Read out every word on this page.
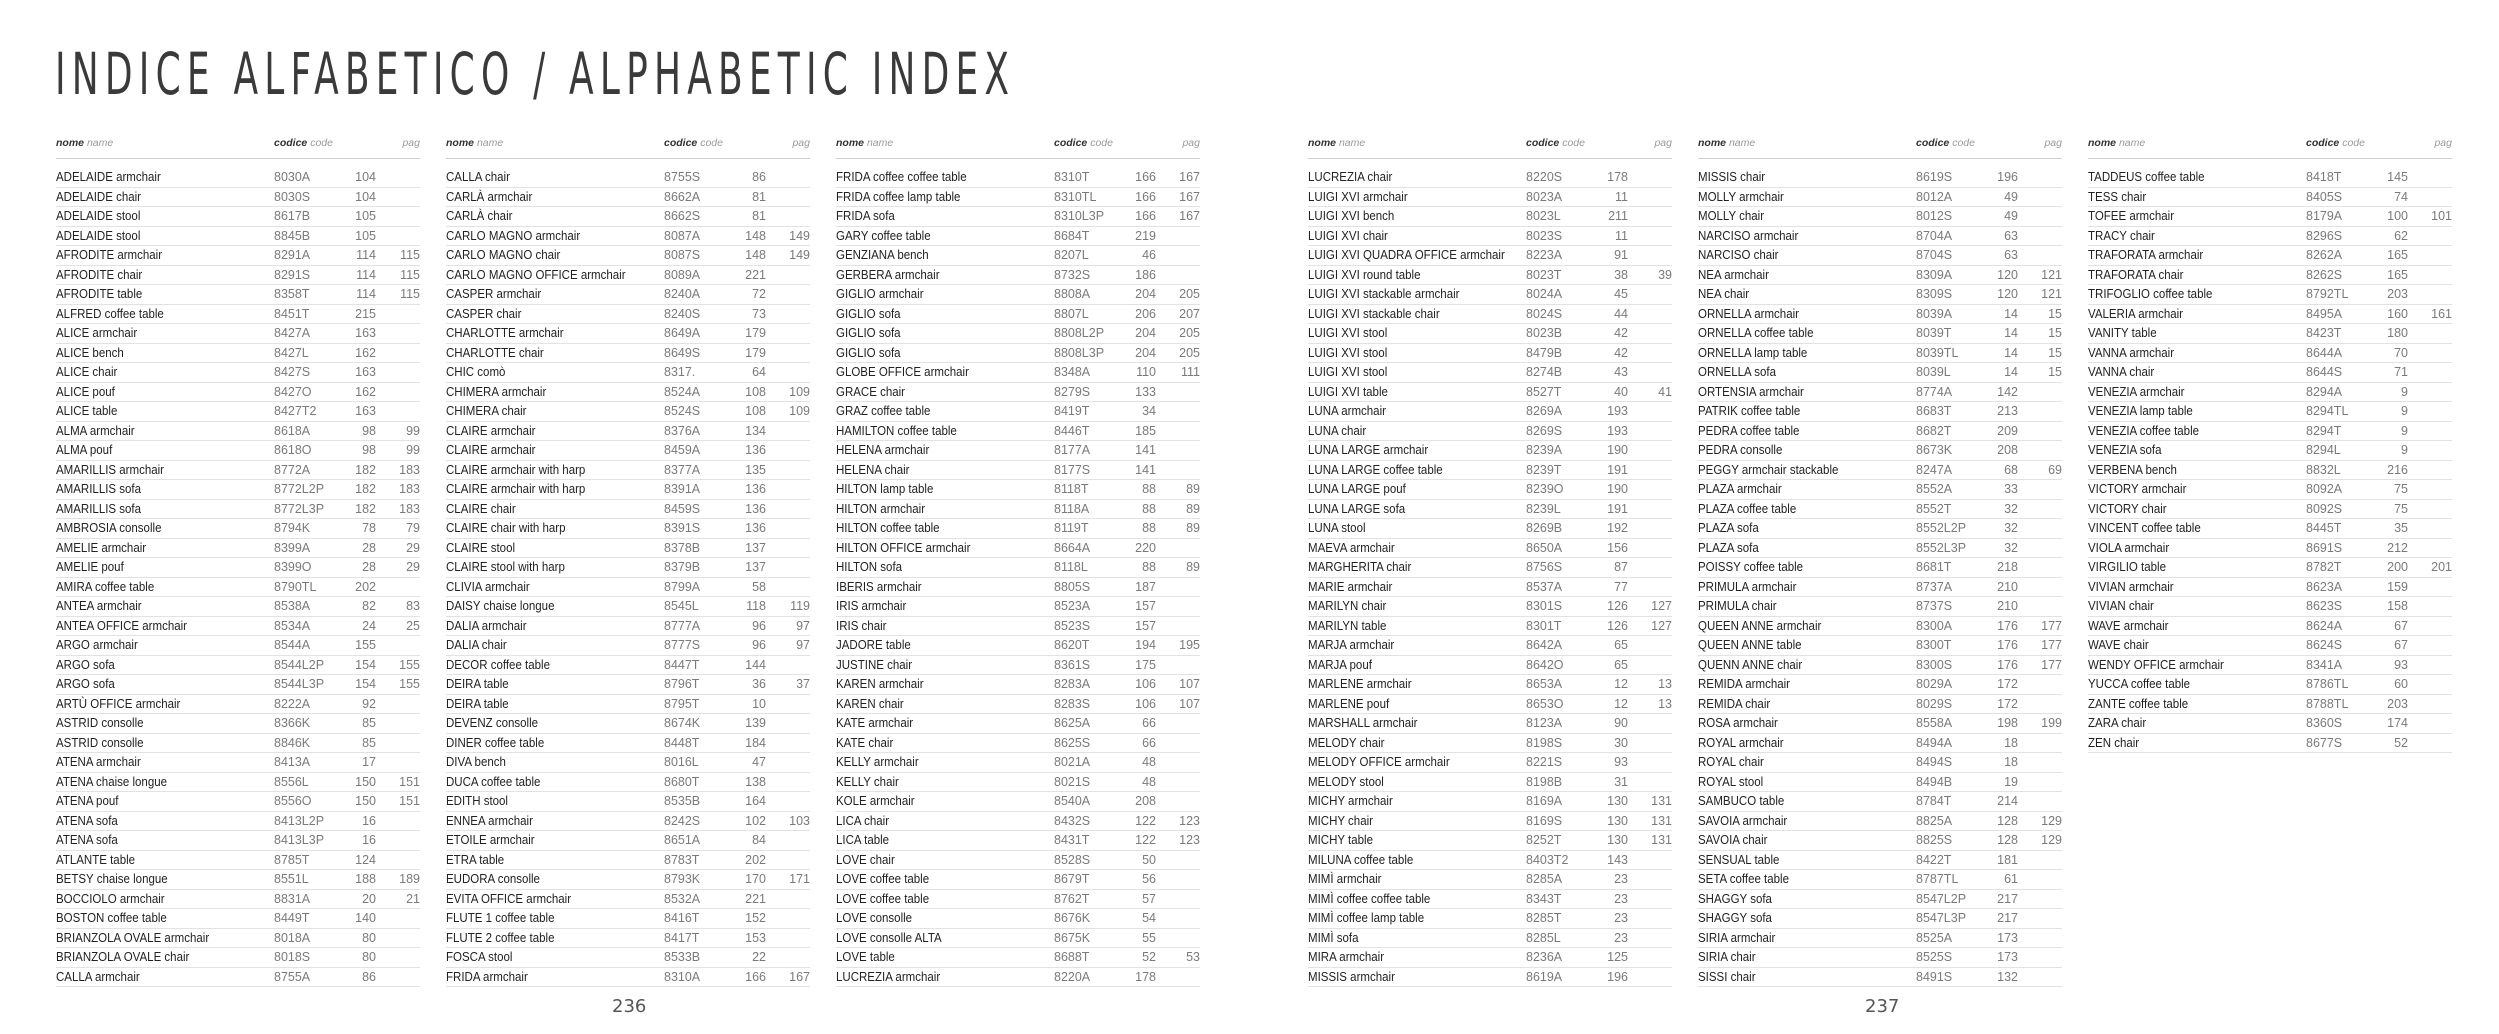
INDICE ALFABETICO / ALPHABETIC INDEX
nome name	codice code	pag
ADELAIDE armchair	8030A	104
ADELAIDE chair	8030S	104
ADELAIDE stool	8617B	105
ADELAIDE stool	8845B	105
AFRODITE armchair	8291A	114	115
AFRODITE chair	8291S	114	115
AFRODITE table	8358T	114	115
ALFRED coffee table	8451T	215
ALICE armchair	8427A	163
ALICE bench	8427L	162
ALICE chair	8427S	163
ALICE pouf	8427O	162
ALICE table	8427T2	163
ALMA armchair	8618A	98	99
ALMA pouf	8618O	98	99
AMARILLIS armchair	8772A	182	183
AMARILLIS sofa	8772L2P	182	183
AMARILLIS sofa	8772L3P	182	183
AMBROSIA consolle	8794K	78	79
AMELIE armchair	8399A	28	29
AMELIE pouf	8399O	28	29
AMIRA coffee table	8790TL	202
ANTEA armchair	8538A	82	83
ANTEA OFFICE armchair	8534A	24	25
ARGO armchair	8544A	155
ARGO sofa	8544L2P	154	155
ARGO sofa	8544L3P	154	155
ARTÙ OFFICE armchair	8222A	92
ASTRID consolle	8366K	85
ASTRID consolle	8846K	85
ATENA armchair	8413A	17
ATENA chaise longue	8556L	150	151
ATENA pouf	8556O	150	151
ATENA sofa	8413L2P	16
ATENA sofa	8413L3P	16
ATLANTE table	8785T	124
BETSY chaise longue	8551L	188	189
BOCCIOLO armchair	8831A	20	21
BOSTON coffee table	8449T	140
BRIANZOLA OVALE armchair	8018A	80
BRIANZOLA OVALE chair	8018S	80
CALLA armchair	8755A	86
nome name	codice code	pag
CALLA chair	8755S	86
CARLÀ armchair	8662A	81
CARLÀ chair	8662S	81
CARLO MAGNO armchair	8087A	148	149
CARLO MAGNO chair	8087S	148	149
CARLO MAGNO OFFICE armchair	8089A	221
CASPER armchair	8240A	72
CASPER chair	8240S	73
CHARLOTTE armchair	8649A	179
CHARLOTTE chair	8649S	179
CHIC comò	8317.	64
CHIMERA armchair	8524A	108	109
CHIMERA chair	8524S	108	109
CLAIRE armchair	8376A	134
CLAIRE armchair	8459A	136
CLAIRE armchair with harp	8377A	135
CLAIRE armchair with harp	8391A	136
CLAIRE chair	8459S	136
CLAIRE chair with harp	8391S	136
CLAIRE stool	8378B	137
CLAIRE stool with harp	8379B	137
CLIVIA armchair	8799A	58
DAISY chaise longue	8545L	118	119
DALIA armchair	8777A	96	97
DALIA chair	8777S	96	97
DECOR coffee table	8447T	144
DEIRA table	8796T	36	37
DEIRA table	8795T	10
DEVENZ consolle	8674K	139
DINER coffee table	8448T	184
DIVA bench	8016L	47
DUCA coffee table	8680T	138
EDITH stool	8535B	164
ENNEA armchair	8242S	102	103
ETOILE armchair	8651A	84
ETRA table	8783T	202
EUDORA consolle	8793K	170	171
EVITA OFFICE armchair	8532A	221
FLUTE 1 coffee table	8416T	152
FLUTE 2 coffee table	8417T	153
FOSCA stool	8533B	22
FRIDA armchair	8310A	166	167
nome name	codice code	pag
FRIDA coffee coffee table	8310T	166	167
FRIDA coffee lamp table	8310TL	166	167
FRIDA sofa	8310L3P	166	167
GARY coffee table	8684T	219
GENZIANA bench	8207L	46
GERBERA armchair	8732S	186
GIGLIO armchair	8808A	204	205
GIGLIO sofa	8807L	206	207
GIGLIO sofa	8808L2P	204	205
GIGLIO sofa	8808L3P	204	205
GLOBE OFFICE armchair	8348A	110	111
GRACE chair	8279S	133
GRAZ coffee table	8419T	34
HAMILTON coffee table	8446T	185
HELENA armchair	8177A	141
HELENA chair	8177S	141
HILTON lamp table	8118T	88	89
HILTON armchair	8118A	88	89
HILTON coffee table	8119T	88	89
HILTON OFFICE armchair	8664A	220
HILTON sofa	8118L	88	89
IBERIS armchair	8805S	187
IRIS armchair	8523A	157
IRIS chair	8523S	157
JADORE table	8620T	194	195
JUSTINE chair	8361S	175
KAREN armchair	8283A	106	107
KAREN chair	8283S	106	107
KATE armchair	8625A	66
KATE chair	8625S	66
KELLY armchair	8021A	48
KELLY chair	8021S	48
KOLE armchair	8540A	208
LICA chair	8432S	122	123
LICA table	8431T	122	123
LOVE chair	8528S	50
LOVE coffee table	8679T	56
LOVE coffee table	8762T	57
LOVE consolle	8676K	54
LOVE consolle ALTA	8675K	55
LOVE table	8688T	52	53
LUCREZIA armchair	8220A	178
nome name	codice code	pag
LUCREZIA chair	8220S	178
LUIGI XVI armchair	8023A	11
LUIGI XVI bench	8023L	211
LUIGI XVI chair	8023S	11
LUIGI XVI QUADRA OFFICE armchair 8223A	91
LUIGI XVI round table	8023T	38	39
LUIGI XVI stackable armchair	8024A	45
LUIGI XVI stackable chair	8024S	44
LUIGI XVI stool	8023B	42
LUIGI XVI stool	8479B	42
LUIGI XVI stool	8274B	43
LUIGI XVI table	8527T	40	41
LUNA armchair	8269A	193
LUNA chair	8269S	193
LUNA LARGE armchair	8239A	190
LUNA LARGE coffee table	8239T	191
LUNA LARGE pouf	8239O	190
LUNA LARGE sofa	8239L	191
LUNA stool	8269B	192
MAEVA armchair	8650A	156
MARGHERITA chair	8756S	87
MARIE armchair	8537A	77
MARILYN chair	8301S	126	127
MARILYN table	8301T	126	127
MARJA armchair	8642A	65
MARJA pouf	8642O	65
MARLENE armchair	8653A	12	13
MARLENE pouf	8653O	12	13
MARSHALL armchair	8123A	90
MELODY chair	8198S	30
MELODY OFFICE armchair	8221S	93
MELODY stool	8198B	31
MICHY armchair	8169A	130	131
MICHY chair	8169S	130	131
MICHY table	8252T	130	131
MILUNA coffee table	8403T2	143
MIMÌ armchair	8285A	23
MIMÌ coffee coffee table	8343T	23
MIMÌ coffee lamp table	8285T	23
MIMÌ sofa	8285L	23
MIRA armchair	8236A	125
MISSIS armchair	8619A	196
nome name	codice code	pag
MISSIS chair	8619S	196
MOLLY armchair	8012A	49
MOLLY chair	8012S	49
NARCISO armchair	8704A	63
NARCISO chair	8704S	63
NEA armchair	8309A	120	121
NEA chair	8309S	120	121
ORNELLA armchair	8039A	14	15
ORNELLA coffee table	8039T	14	15
ORNELLA lamp table	8039TL	14	15
ORNELLA sofa	8039L	14	15
ORTENSIA armchair	8774A	142
PATRIK coffee table	8683T	213
PEDRA coffee table	8682T	209
PEDRA consolle	8673K	208
PEGGY armchair stackable	8247A	68	69
PLAZA armchair	8552A	33
PLAZA coffee table	8552T	32
PLAZA sofa	8552L2P	32
PLAZA sofa	8552L3P	32
POISSY coffee table	8681T	218
PRIMULA armchair	8737A	210
PRIMULA chair	8737S	210
QUEEN ANNE armchair	8300A	176	177
QUEEN ANNE table	8300T	176	177
QUENN ANNE chair	8300S	176	177
REMIDA armchair	8029A	172
REMIDA chair	8029S	172
ROSA armchair	8558A	198	199
ROYAL armchair	8494A	18
ROYAL chair	8494S	18
ROYAL stool	8494B	19
SAMBUCO table	8784T	214
SAVOIA armchair	8825A	128	129
SAVOIA chair	8825S	128	129
SENSUAL table	8422T	181
SETA coffee table	8787TL	61
SHAGGY sofa	8547L2P	217
SHAGGY sofa	8547L3P	217
SIRIA armchair	8525A	173
SIRIA chair	8525S	173
SISSI chair	8491S	132
nome name	codice code	pag
TADDEUS coffee table	8418T	145
TESS chair	8405S	74
TOFEE armchair	8179A	100	101
TRACY chair	8296S	62
TRAFORATA armchair	8262A	165
TRAFORATA chair	8262S	165
TRIFOGLIO coffee table	8792TL	203
VALERIA armchair	8495A	160	161
VANITY table	8423T	180
VANNA armchair	8644A	70
VANNA chair	8644S	71
VENEZIA armchair	8294A	9
VENEZIA lamp table	8294TL	9
VENEZIA coffee table	8294T	9
VENEZIA sofa	8294L	9
VERBENA bench	8832L	216
VICTORY armchair	8092A	75
VICTORY chair	8092S	75
VINCENT coffee table	8445T	35
VIOLA armchair	8691S	212
VIRGILIO table	8782T	200	201
VIVIAN armchair	8623A	159
VIVIAN chair	8623S	158
WAVE armchair	8624A	67
WAVE chair	8624S	67
WENDY OFFICE armchair	8341A	93
YUCCA coffee table	8786TL	60
ZANTE coffee table	8788TL	203
ZARA chair	8360S	174
ZEN chair	8677S	52
236	237
